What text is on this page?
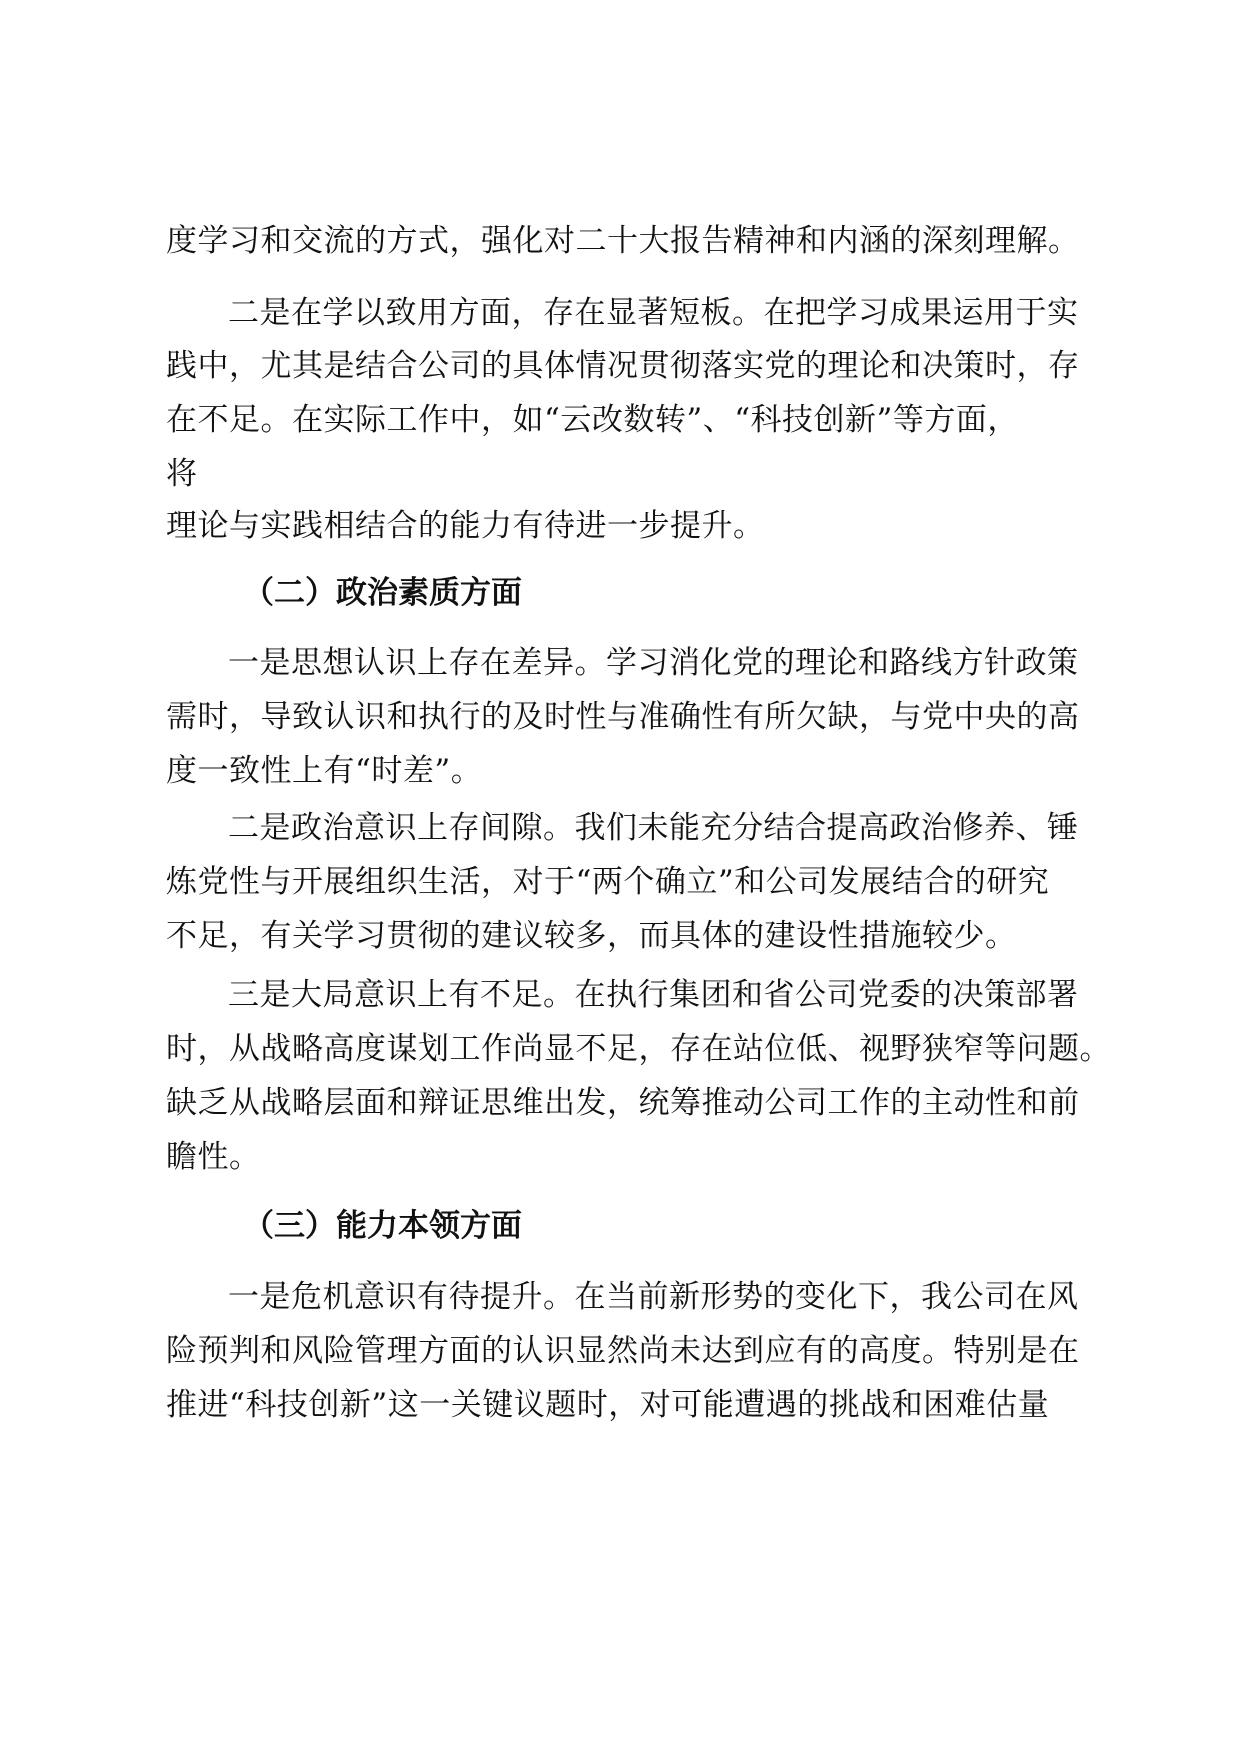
度学习和交流的方式，强化对二十大报告精神和内涵的深刻理解。
二是在学以致用方面，存在显著短板。在把学习成果运用于实
践中，尤其是结合公司的具体情况贯彻落实党的理论和决策时，存
在不足。在实际工作中，如“云改数转”、“科技创新”等方面，
将
理论与实践相结合的能力有待进一步提升。
（二）政治素质方面
一是思想认识上存在差异。学习消化党的理论和路线方针政策
需时，导致认识和执行的及时性与准确性有所欠缺，与党中央的高
度一致性上有“时差”。
二是政治意识上存间隙。我们未能充分结合提高政治修养、锤
炼党性与开展组织生活，对于“两个确立”和公司发展结合的研究
不足，有关学习贯彻的建议较多，而具体的建设性措施较少。
三是大局意识上有不足。在执行集团和省公司党委的决策部署
时，从战略高度谋划工作尚显不足，存在站位低、视野狭窄等问题。
缺乏从战略层面和辩证思维出发，统筹推动公司工作的主动性和前
瞻性。
（三）能力本领方面
一是危机意识有待提升。在当前新形势的变化下，我公司在风
险预判和风险管理方面的认识显然尚未达到应有的高度。特别是在
推进“科技创新”这一关键议题时，对可能遭遇的挑战和困难估量
